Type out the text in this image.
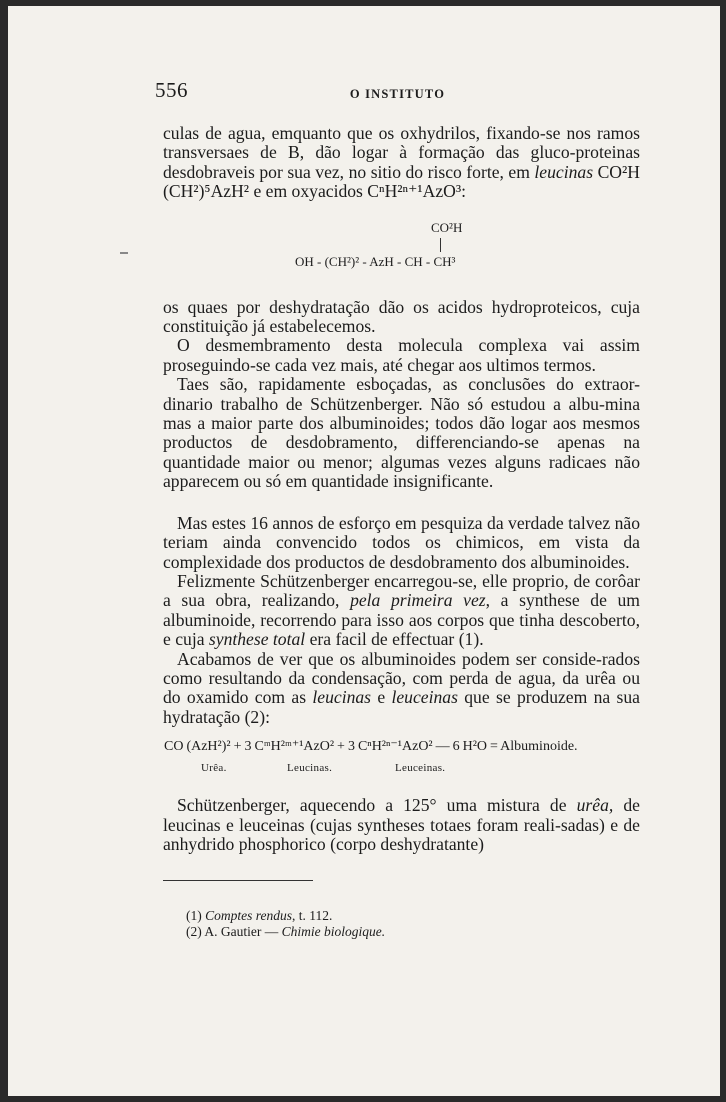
556	O INSTITUTO

culas de agua, emquanto que os oxhydrilos, fixando-se nos ramos transversaes de B, dão logar à formação das gluco-proteinas desdobraveis por sua vez, no sitio do risco forte, em leucinas CO²H (CH²)⁵AzH² e em oxyacidos CⁿH²ⁿ⁺¹AzO³:

CO²H
OH - (CH²)² - AzH - CH - CH³

os quaes por deshydratação dão os acidos hydroproteicos, cuja constituição já estabelecemos.

O desmembramento desta molecula complexa vai assim proseguindo-se cada vez mais, até chegar aos ultimos termos.

Taes são, rapidamente esboçadas, as conclusões do extraor-dinario trabalho de Schützenberger. Não só estudou a albu-mina mas a maior parte dos albuminoides; todos dão logar aos mesmos productos de desdobramento, differenciando-se apenas na quantidade maior ou menor; algumas vezes alguns radicaes não apparecem ou só em quantidade insignificante.

Mas estes 16 annos de esforço em pesquiza da verdade talvez não teriam ainda convencido todos os chimicos, em vista da complexidade dos productos de desdobramento dos albuminoides.

Felizmente Schützenberger encarregou-se, elle proprio, de corôar a sua obra, realizando, pela primeira vez, a synthese de um albuminoide, recorrendo para isso aos corpos que tinha descoberto, e cuja synthese total era facil de effectuar (1).

Acabamos de ver que os albuminoides podem ser conside-rados como resultando da condensação, com perda de agua, da urêa ou do oxamido com as leucinas e leuceinas que se produzem na sua hydratação (2):

CO (AzH²)² + 3 CᵐH²ᵐ⁺¹AzO² + 3 CⁿH²ⁿ⁻¹AzO² — 6 H²O = Albuminoide.
Urêa.	Leucinas.	Leuceinas.

Schützenberger, aquecendo a 125° uma mistura de urêa, de leucinas e leuceinas (cujas syntheses totaes foram reali-sadas) e de anhydrido phosphorico (corpo deshydratante)

(1) Comptes rendus, t. 112.

(2) A. Gautier — Chimie biologique.
